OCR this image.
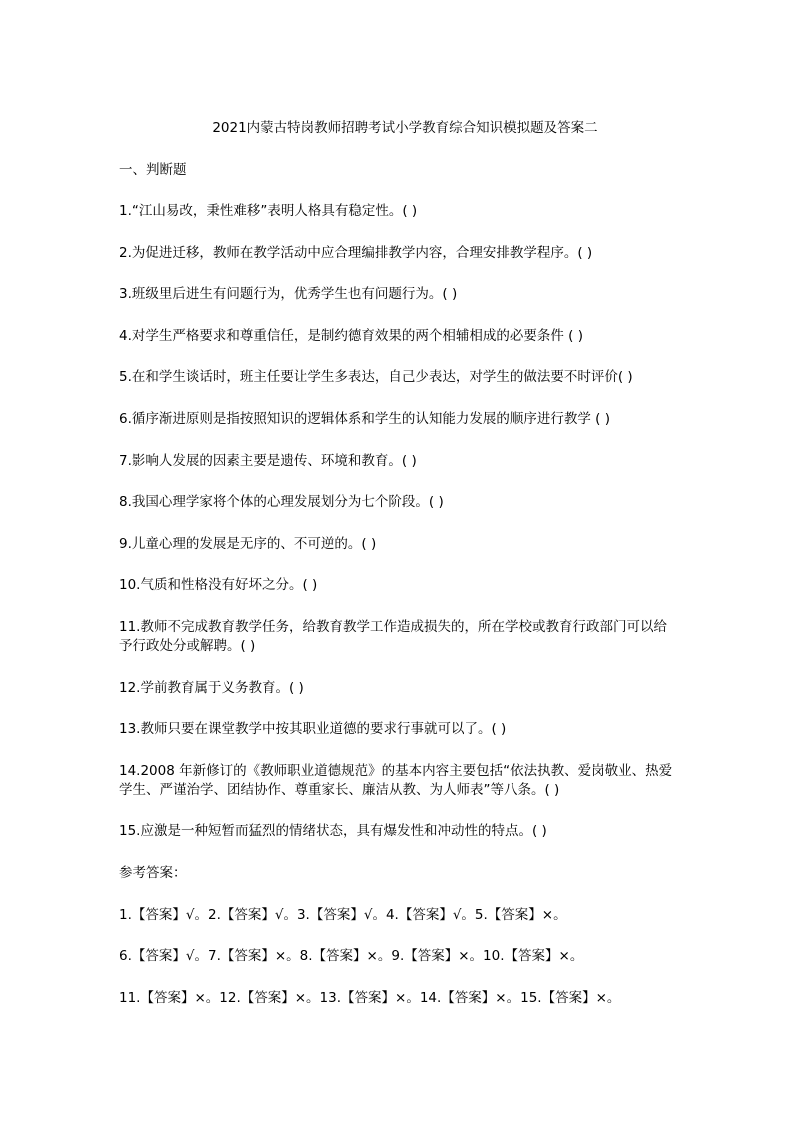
2021内蒙古特岗教师招聘考试小学教育综合知识模拟题及答案二

一、判断题

1.“江山易改，秉性难移”表明人格具有稳定性。( )

2.为促进迁移，教师在教学活动中应合理编排教学内容，合理安排教学程序。( )

3.班级里后进生有问题行为，优秀学生也有问题行为。( )

4.对学生严格要求和尊重信任，是制约德育效果的两个相辅相成的必要条件 ( )

5.在和学生谈话时，班主任要让学生多表达，自己少表达，对学生的做法要不时评价( )

6.循序渐进原则是指按照知识的逻辑体系和学生的认知能力发展的顺序进行教学 ( )

7.影响人发展的因素主要是遗传、环境和教育。( )

8.我国心理学家将个体的心理发展划分为七个阶段。( )

9.儿童心理的发展是无序的、不可逆的。( )

10.气质和性格没有好坏之分。( )

11.教师不完成教育教学任务，给教育教学工作造成损失的，所在学校或教育行政部门可以给予行政处分或解聘。( )

12.学前教育属于义务教育。( )

13.教师只要在课堂教学中按其职业道德的要求行事就可以了。( )

14.2008 年新修订的《教师职业道德规范》的基本内容主要包括“依法执教、爱岗敬业、热爱学生、严谨治学、团结协作、尊重家长、廉洁从教、为人师表”等八条。( )

15.应激是一种短暂而猛烈的情绪状态，具有爆发性和冲动性的特点。( )

参考答案：

1.【答案】√。2.【答案】√。3.【答案】√。4.【答案】√。5.【答案】×。

6.【答案】√。7.【答案】×。8.【答案】×。9.【答案】×。10.【答案】×。

11.【答案】×。12.【答案】×。13.【答案】×。14.【答案】×。15.【答案】×。
